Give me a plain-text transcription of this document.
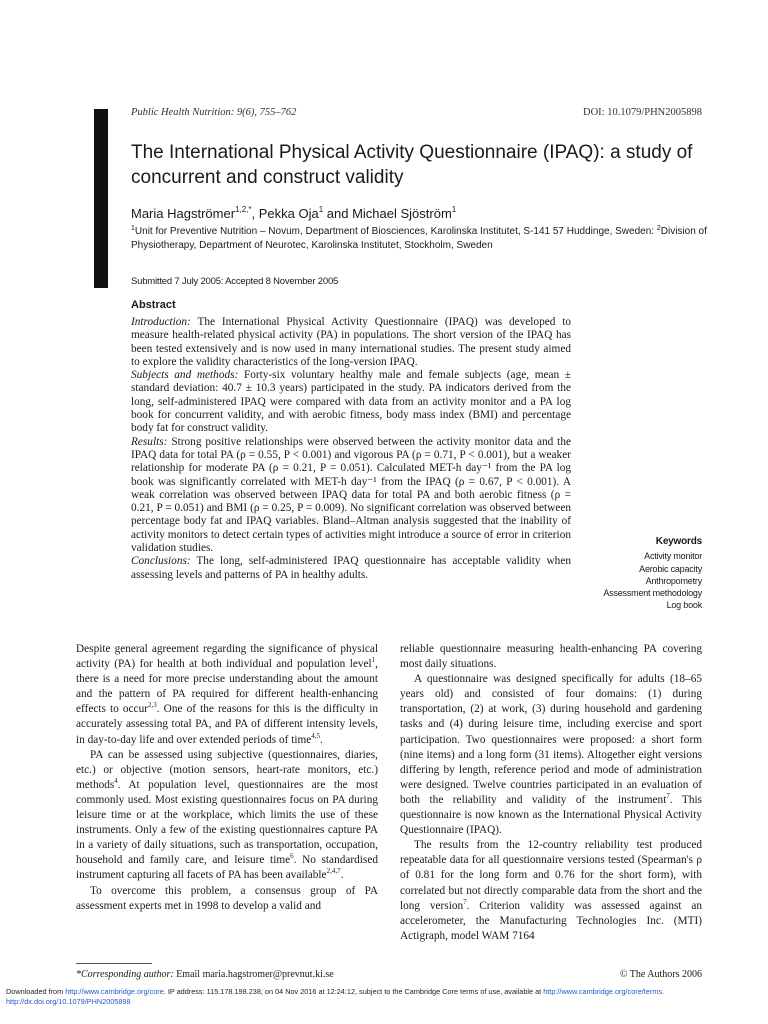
Public Health Nutrition: 9(6), 755–762	DOI: 10.1079/PHN2005898
The International Physical Activity Questionnaire (IPAQ): a study of concurrent and construct validity
Maria Hagströmer$^{1,2,*}$, Pekka Oja$^1$ and Michael Sjöström$^1$
$^1$Unit for Preventive Nutrition – Novum, Department of Biosciences, Karolinska Institutet, S-141 57 Huddinge, Sweden: $^2$Division of Physiotherapy, Department of Neurotec, Karolinska Institutet, Stockholm, Sweden
Submitted 7 July 2005: Accepted 8 November 2005
Abstract

Introduction: The International Physical Activity Questionnaire (IPAQ) was developed to measure health-related physical activity (PA) in populations. The short version of the IPAQ has been tested extensively and is now used in many international studies. The present study aimed to explore the validity characteristics of the long-version IPAQ.

Subjects and methods: Forty-six voluntary healthy male and female subjects (age, mean ± standard deviation: 40.7 ± 10.3 years) participated in the study. PA indicators derived from the long, self-administered IPAQ were compared with data from an activity monitor and a PA log book for concurrent validity, and with aerobic fitness, body mass index (BMI) and percentage body fat for construct validity.

Results: Strong positive relationships were observed between the activity monitor data and the IPAQ data for total PA (ρ = 0.55, P < 0.001) and vigorous PA (ρ = 0.71, P < 0.001), but a weaker relationship for moderate PA (ρ = 0.21, P = 0.051). Calculated MET-h day⁻¹ from the PA log book was significantly correlated with MET-h day⁻¹ from the IPAQ (ρ = 0.67, P < 0.001). A weak correlation was observed between IPAQ data for total PA and both aerobic fitness (ρ = 0.21, P = 0.051) and BMI (ρ = 0.25, P = 0.009). No significant correlation was observed between percentage body fat and IPAQ variables. Bland–Altman analysis suggested that the inability of activity monitors to detect certain types of activities might introduce a source of error in criterion validation studies.

Conclusions: The long, self-administered IPAQ questionnaire has acceptable validity when assessing levels and patterns of PA in healthy adults.

Keywords
Activity monitor
Aerobic capacity
Anthropometry
Assessment methodology
Log book

Despite general agreement regarding the significance of physical activity (PA) for health at both individual and population level$^1$, there is a need for more precise understanding about the amount and the pattern of PA required for different health-enhancing effects to occur$^{2,3}$. One of the reasons for this is the difficulty in accurately assessing total PA, and PA of different intensity levels, in day-to-day life and over extended periods of time$^{4,5}$.

PA can be assessed using subjective (questionnaires, diaries, etc.) or objective (motion sensors, heart-rate monitors, etc.) methods$^4$. At population level, questionnaires are the most commonly used. Most existing questionnaires focus on PA during leisure time or at the workplace, which limits the use of these instruments. Only a few of the existing questionnaires capture PA in a variety of daily situations, such as transportation, occupation, household and family care, and leisure time$^6$. No standardised instrument capturing all facets of PA has been available$^{2,4,7}$.

To overcome this problem, a consensus group of PA assessment experts met in 1998 to develop a valid and

reliable questionnaire measuring health-enhancing PA covering most daily situations.

A questionnaire was designed specifically for adults (18–65 years old) and consisted of four domains: (1) during transportation, (2) at work, (3) during household and gardening tasks and (4) during leisure time, including exercise and sport participation. Two questionnaires were proposed: a short form (nine items) and a long form (31 items). Altogether eight versions differing by length, reference period and mode of administration were designed. Twelve countries participated in an evaluation of both the reliability and validity of the instrument$^7$. This questionnaire is now known as the International Physical Activity Questionnaire (IPAQ).

The results from the 12-country reliability test produced repeatable data for all questionnaire versions tested (Spearman's ρ of 0.81 for the long form and 0.76 for the short form), with correlated but not directly comparable data from the short and the long version$^7$. Criterion validity was assessed against an accelerometer, the Manufacturing Technologies Inc. (MTI) Actigraph, model WAM 7164

*Corresponding author: Email maria.hagstromer@prevnut.ki.se	© The Authors 2006
Downloaded from http://www.cambridge.org/core. IP address: 115.178.198.238, on 04 Nov 2016 at 12:24:12, subject to the Cambridge Core terms of use, available at http://www.cambridge.org/core/terms.
http://dx.doi.org/10.1079/PHN2005898
